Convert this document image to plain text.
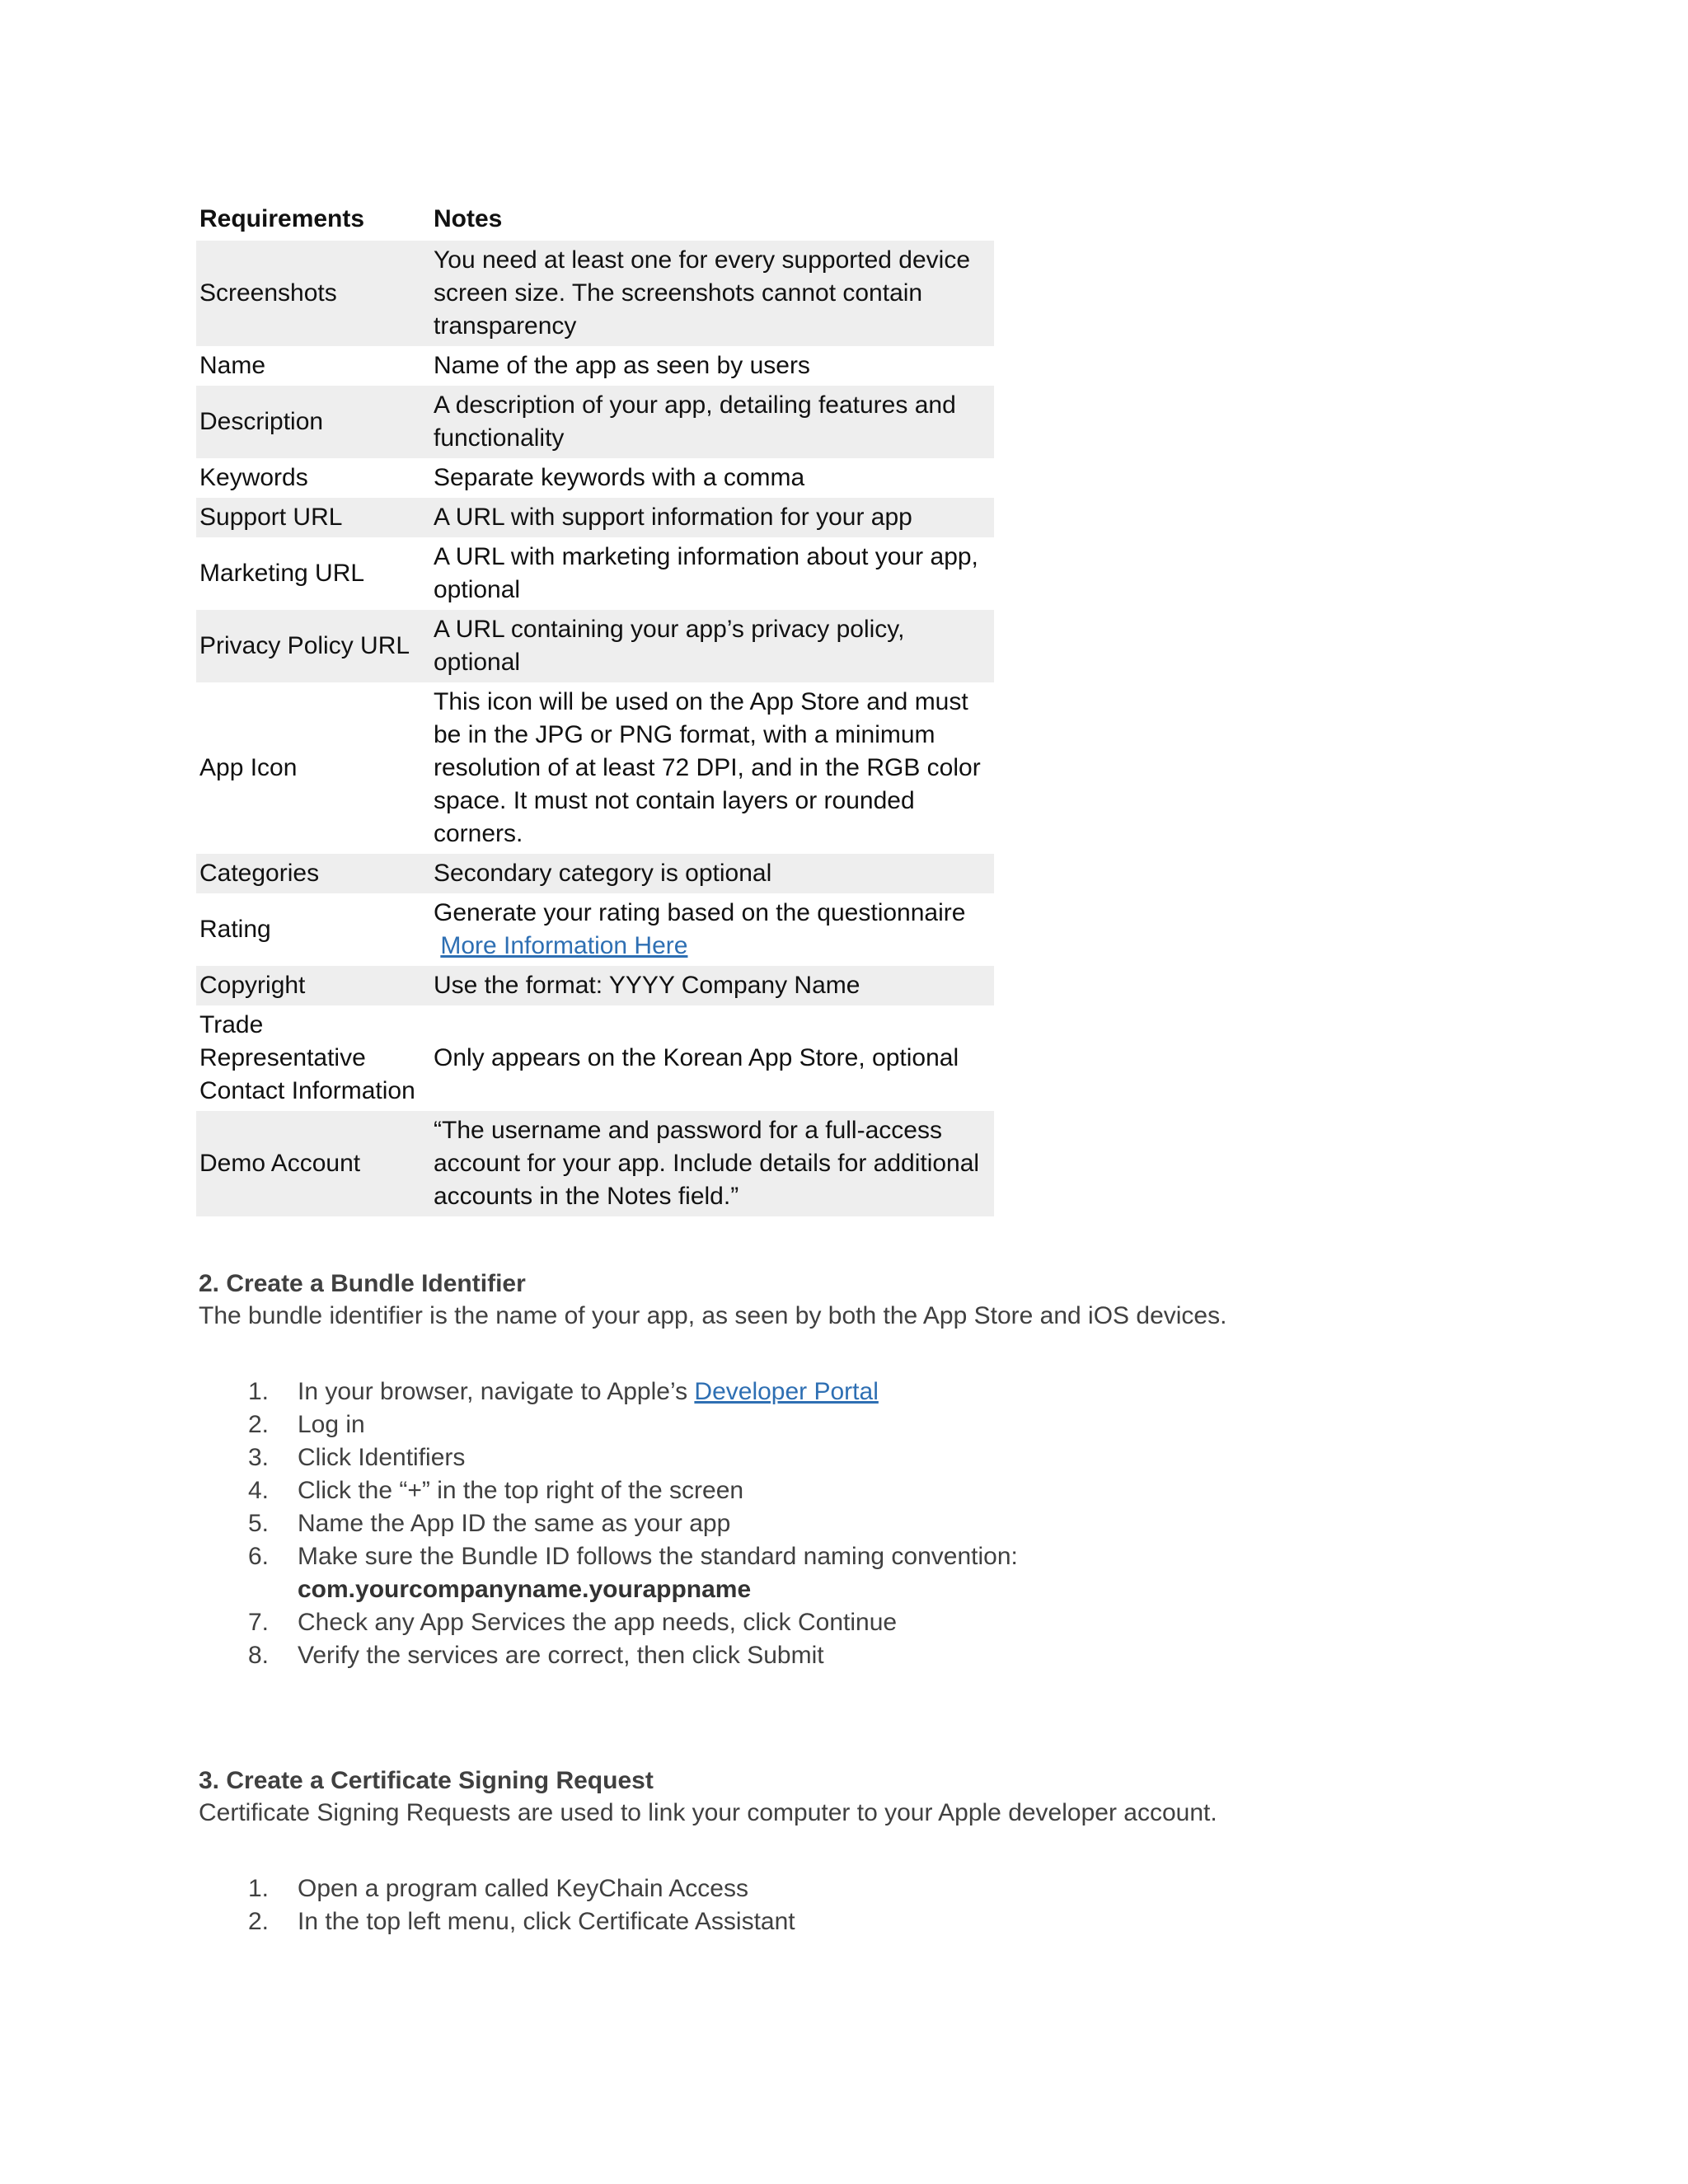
Requirements	Notes
Screenshots	You need at least one for every supported device screen size. The screenshots cannot contain transparency
Name	Name of the app as seen by users
Description	A description of your app, detailing features and functionality
Keywords	Separate keywords with a comma
Support URL	A URL with support information for your app
Marketing URL	A URL with marketing information about your app, optional
Privacy Policy URL	A URL containing your app’s privacy policy, optional
App Icon	This icon will be used on the App Store and must be in the JPG or PNG format, with a minimum resolution of at least 72 DPI, and in the RGB color space. It must not contain layers or rounded corners.
Categories	Secondary category is optional
Rating	Generate your rating based on the questionnaire
More Information Here
Copyright	Use the format: YYYY Company Name
Trade Representative Contact Information	Only appears on the Korean App Store, optional
Demo Account	“The username and password for a full-access account for your app. Include details for additional accounts in the Notes field.”
2. Create a Bundle Identifier

The bundle identifier is the name of your app, as seen by both the App Store and iOS devices.

1. In your browser, navigate to Apple’s Developer Portal
2. Log in
3. Click Identifiers
4. Click the “+” in the top right of the screen
5. Name the App ID the same as your app
6. Make sure the Bundle ID follows the standard naming convention:
com.yourcompanyname.yourappname
7. Check any App Services the app needs, click Continue
8. Verify the services are correct, then click Submit
3. Create a Certificate Signing Request

Certificate Signing Requests are used to link your computer to your Apple developer account.

1. Open a program called KeyChain Access
2. In the top left menu, click Certificate Assistant
